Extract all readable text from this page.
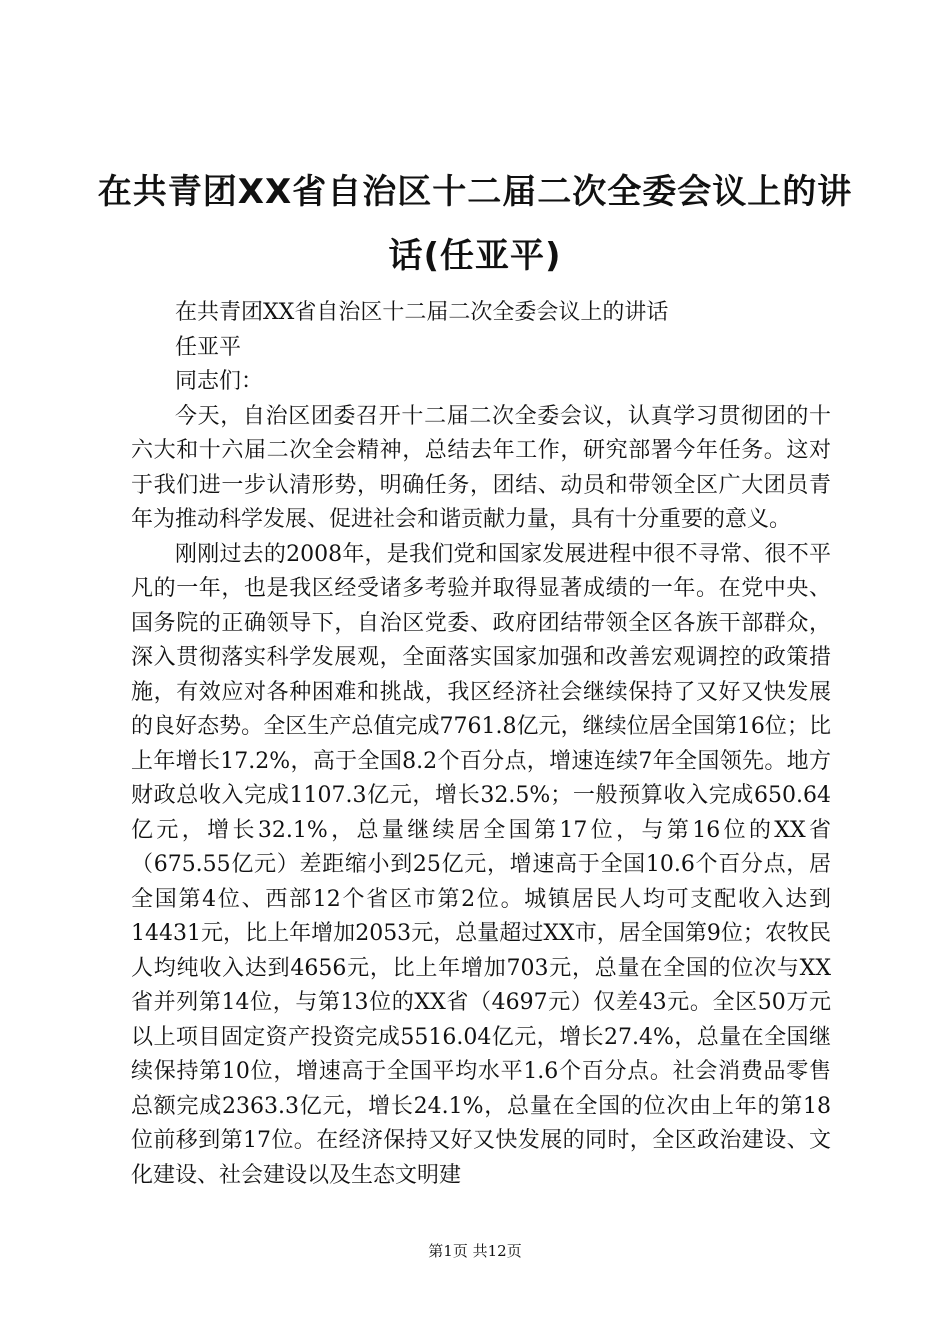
在共青团XX省自治区十二届二次全委会议上的讲话(任亚平)

在共青团XX省自治区十二届二次全委会议上的讲话

任亚平

同志们：

今天，自治区团委召开十二届二次全委会议，认真学习贯彻团的十六大和十六届二次全会精神，总结去年工作，研究部署今年任务。这对于我们进一步认清形势，明确任务，团结、动员和带领全区广大团员青年为推动科学发展、促进社会和谐贡献力量，具有十分重要的意义。

刚刚过去的2008年，是我们党和国家发展进程中很不寻常、很不平凡的一年，也是我区经受诸多考验并取得显著成绩的一年。在党中央、国务院的正确领导下，自治区党委、政府团结带领全区各族干部群众，深入贯彻落实科学发展观，全面落实国家加强和改善宏观调控的政策措施，有效应对各种困难和挑战，我区经济社会继续保持了又好又快发展的良好态势。全区生产总值完成7761.8亿元，继续位居全国第16位；比上年增长17.2%，高于全国8.2个百分点，增速连续7年全国领先。地方财政总收入完成1107.3亿元，增长32.5%；一般预算收入完成650.64亿元，增长32.1%，总量继续居全国第17位，与第16位的XX省（675.55亿元）差距缩小到25亿元，增速高于全国10.6个百分点，居全国第4位、西部12个省区市第2位。城镇居民人均可支配收入达到14431元，比上年增加2053元，总量超过XX市，居全国第9位；农牧民人均纯收入达到4656元，比上年增加703元，总量在全国的位次与XX省并列第14位，与第13位的XX省（4697元）仅差43元。全区50万元以上项目固定资产投资完成5516.04亿元，增长27.4%，总量在全国继续保持第10位，增速高于全国平均水平1.6个百分点。社会消费品零售总额完成2363.3亿元，增长24.1%，总量在全国的位次由上年的第18位前移到第17位。在经济保持又好又快发展的同时，全区政治建设、文化建设、社会建设以及生态文明建

第1页 共12页
